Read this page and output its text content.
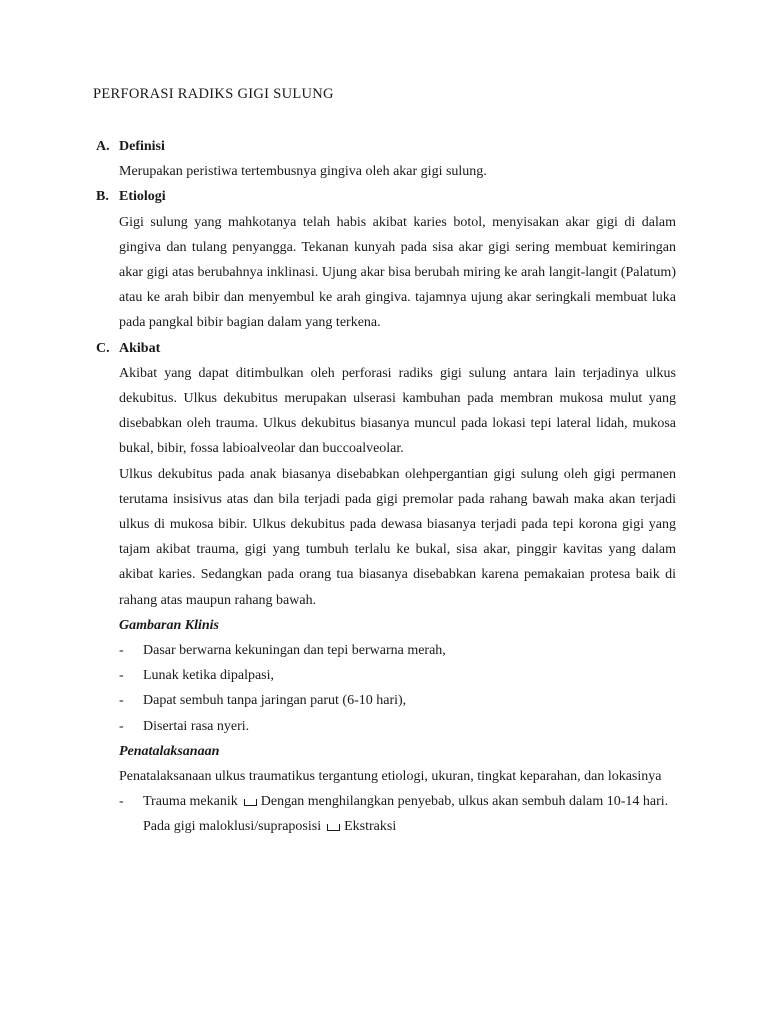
PERFORASI RADIKS GIGI SULUNG
A. Definisi
Merupakan peristiwa tertembusnya gingiva oleh akar gigi sulung.
B. Etiologi
Gigi sulung yang mahkotanya telah habis akibat karies botol, menyisakan akar gigi di dalam gingiva dan tulang penyangga. Tekanan kunyah pada sisa akar gigi sering membuat kemiringan akar gigi atas berubahnya inklinasi. Ujung akar bisa berubah miring ke arah langit-langit (Palatum) atau ke arah bibir dan menyembul ke arah gingiva. tajamnya ujung akar seringkali membuat luka pada pangkal bibir bagian dalam yang terkena.
C. Akibat
Akibat yang dapat ditimbulkan oleh perforasi radiks gigi sulung antara lain terjadinya ulkus dekubitus. Ulkus dekubitus merupakan ulserasi kambuhan pada membran mukosa mulut yang disebabkan oleh trauma. Ulkus dekubitus biasanya muncul pada lokasi tepi lateral lidah, mukosa bukal, bibir, fossa labioalveolar dan buccoalveolar.
Ulkus dekubitus pada anak biasanya disebabkan olehpergantian gigi sulung oleh gigi permanen terutama insisivus atas dan bila terjadi pada gigi premolar pada rahang bawah maka akan terjadi ulkus di mukosa bibir. Ulkus dekubitus pada dewasa biasanya terjadi pada tepi korona gigi yang tajam akibat trauma, gigi yang tumbuh terlalu ke bukal, sisa akar, pinggir kavitas yang dalam akibat karies. Sedangkan pada orang tua biasanya disebabkan karena pemakaian protesa baik di rahang atas maupun rahang bawah.
Gambaran Klinis
-	Dasar berwarna kekuningan dan tepi berwarna merah,
-	Lunak ketika dipalpasi,
-	Dapat sembuh tanpa jaringan parut (6-10 hari),
-	Disertai rasa nyeri.
Penatalaksanaan
Penatalaksanaan ulkus traumatikus tergantung etiologi, ukuran, tingkat keparahan, dan lokasinya
-	Trauma mekanik Dengan menghilangkan penyebab, ulkus akan sembuh dalam 10-14 hari.
Pada gigi maloklusi/supraposisi Ekstraksi
